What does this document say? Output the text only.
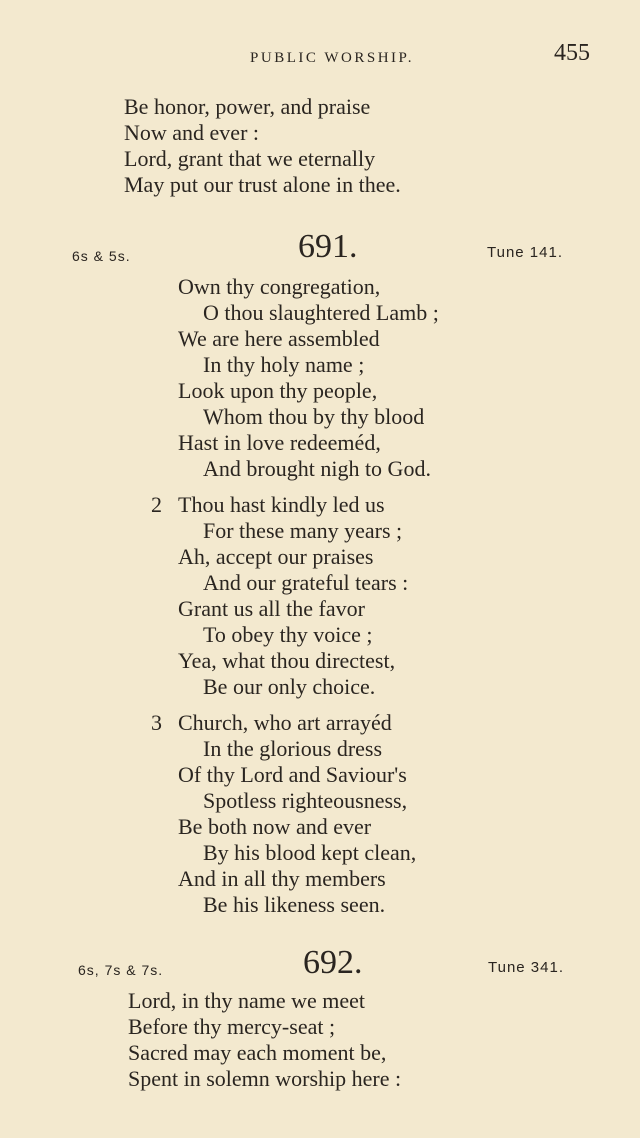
PUBLIC WORSHIP.	455
Be honor, power, and praise
Now and ever :
Lord, grant that we eternally
May put our trust alone in thee.
6s & 5s.	691.	Tune 141.
Own thy congregation,
O thou slaughtered Lamb ;
We are here assembled
In thy holy name ;
Look upon thy people,
Whom thou by thy blood
Hast in love redeeméd,
And brought nigh to God.
2 Thou hast kindly led us
For these many years ;
Ah, accept our praises
And our grateful tears :
Grant us all the favor
To obey thy voice ;
Yea, what thou directest,
Be our only choice.
3 Church, who art arrayéd
In the glorious dress
Of thy Lord and Saviour's
Spotless righteousness,
Be both now and ever
By his blood kept clean,
And in all thy members
Be his likeness seen.
6s, 7s & 7s.	692.	Tune 341.
Lord, in thy name we meet
Before thy mercy-seat ;
Sacred may each moment be,
Spent in solemn worship here :
